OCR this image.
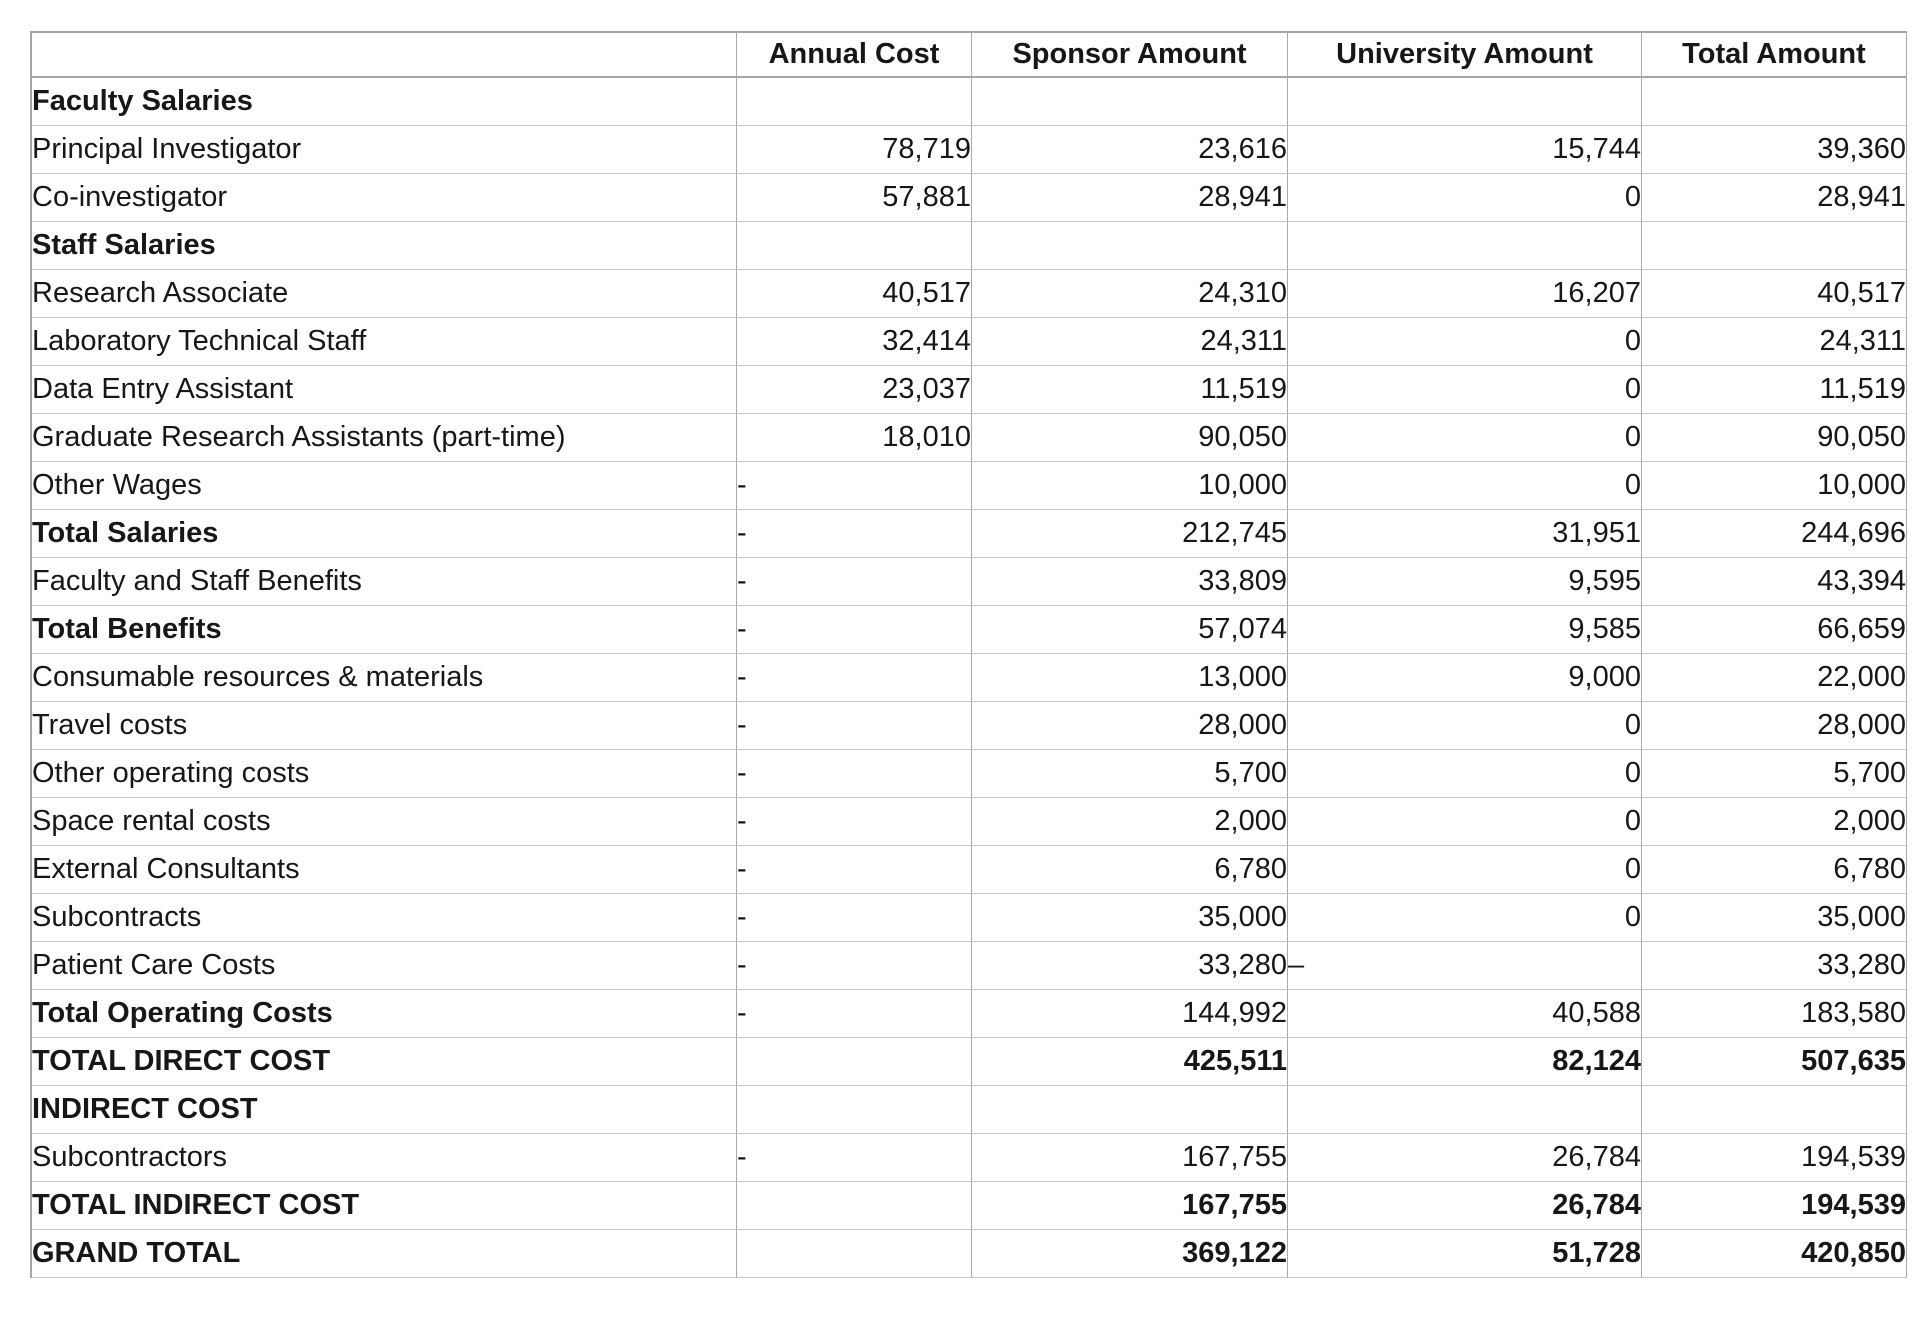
	Annual Cost	Sponsor Amount	University Amount	Total Amount
Faculty Salaries				
Principal Investigator	78,719	23,616	15,744	39,360
Co-investigator	57,881	28,941	0	28,941
Staff Salaries				
Research Associate	40,517	24,310	16,207	40,517
Laboratory Technical Staff	32,414	24,311	0	24,311
Data Entry Assistant	23,037	11,519	0	11,519
Graduate Research Assistants (part-time)	18,010	90,050	0	90,050
Other Wages	-	10,000	0	10,000
Total Salaries	-	212,745	31,951	244,696
Faculty and Staff Benefits	-	33,809	9,595	43,394
Total Benefits	-	57,074	9,585	66,659
Consumable resources & materials	-	13,000	9,000	22,000
Travel costs	-	28,000	0	28,000
Other operating costs	-	5,700	0	5,700
Space rental costs	-	2,000	0	2,000
External Consultants	-	6,780	0	6,780
Subcontracts	-	35,000	0	35,000
Patient Care Costs	-	33,280	–	33,280
Total Operating Costs	-	144,992	40,588	183,580
TOTAL DIRECT COST		425,511	82,124	507,635
INDIRECT COST				
Subcontractors	-	167,755	26,784	194,539
TOTAL INDIRECT COST		167,755	26,784	194,539
GRAND TOTAL		369,122	51,728	420,850
